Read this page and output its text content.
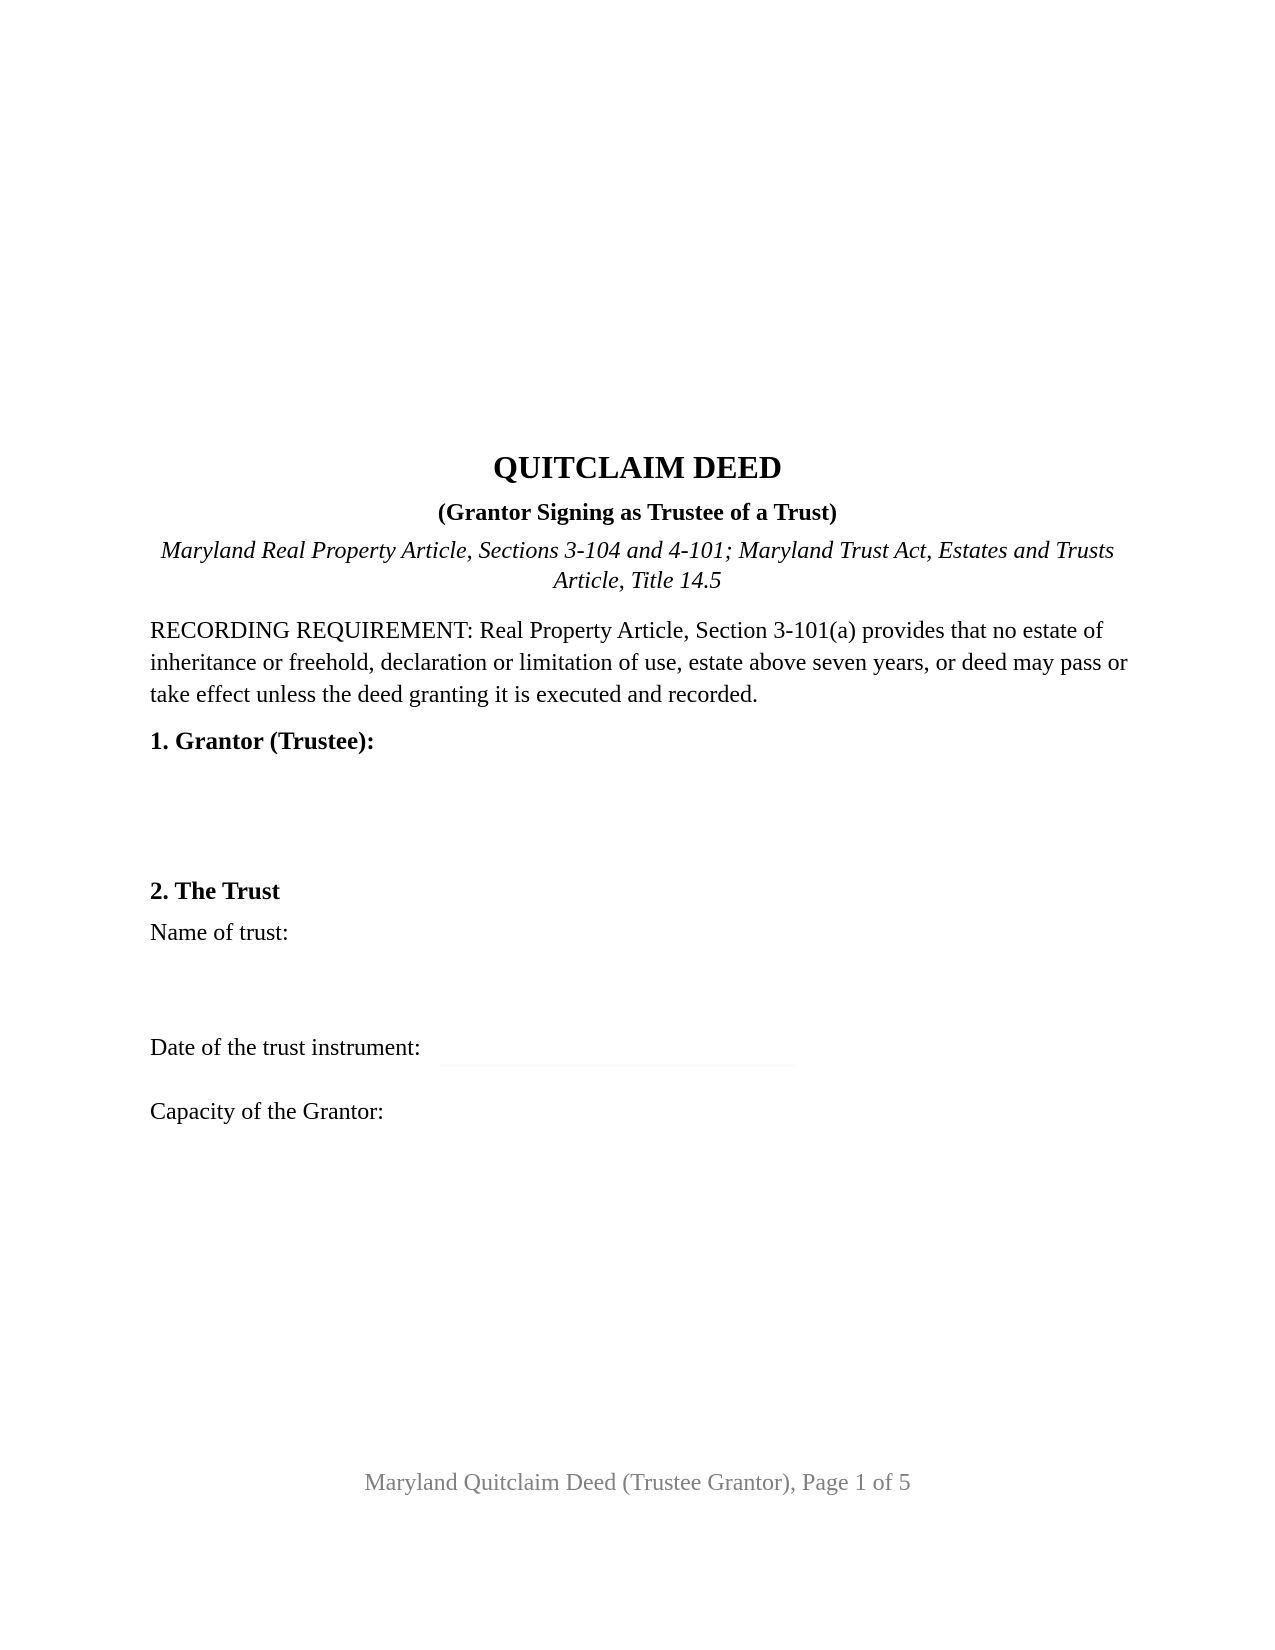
QUITCLAIM DEED
(Grantor Signing as Trustee of a Trust)
Maryland Real Property Article, Sections 3-104 and 4-101; Maryland Trust Act, Estates and Trusts Article, Title 14.5
RECORDING REQUIREMENT: Real Property Article, Section 3-101(a) provides that no estate of inheritance or freehold, declaration or limitation of use, estate above seven years, or deed may pass or take effect unless the deed granting it is executed and recorded.
1. Grantor (Trustee):
2. The Trust
Name of trust:
Date of the trust instrument:
Capacity of the Grantor:
Maryland Quitclaim Deed (Trustee Grantor), Page 1 of 5
